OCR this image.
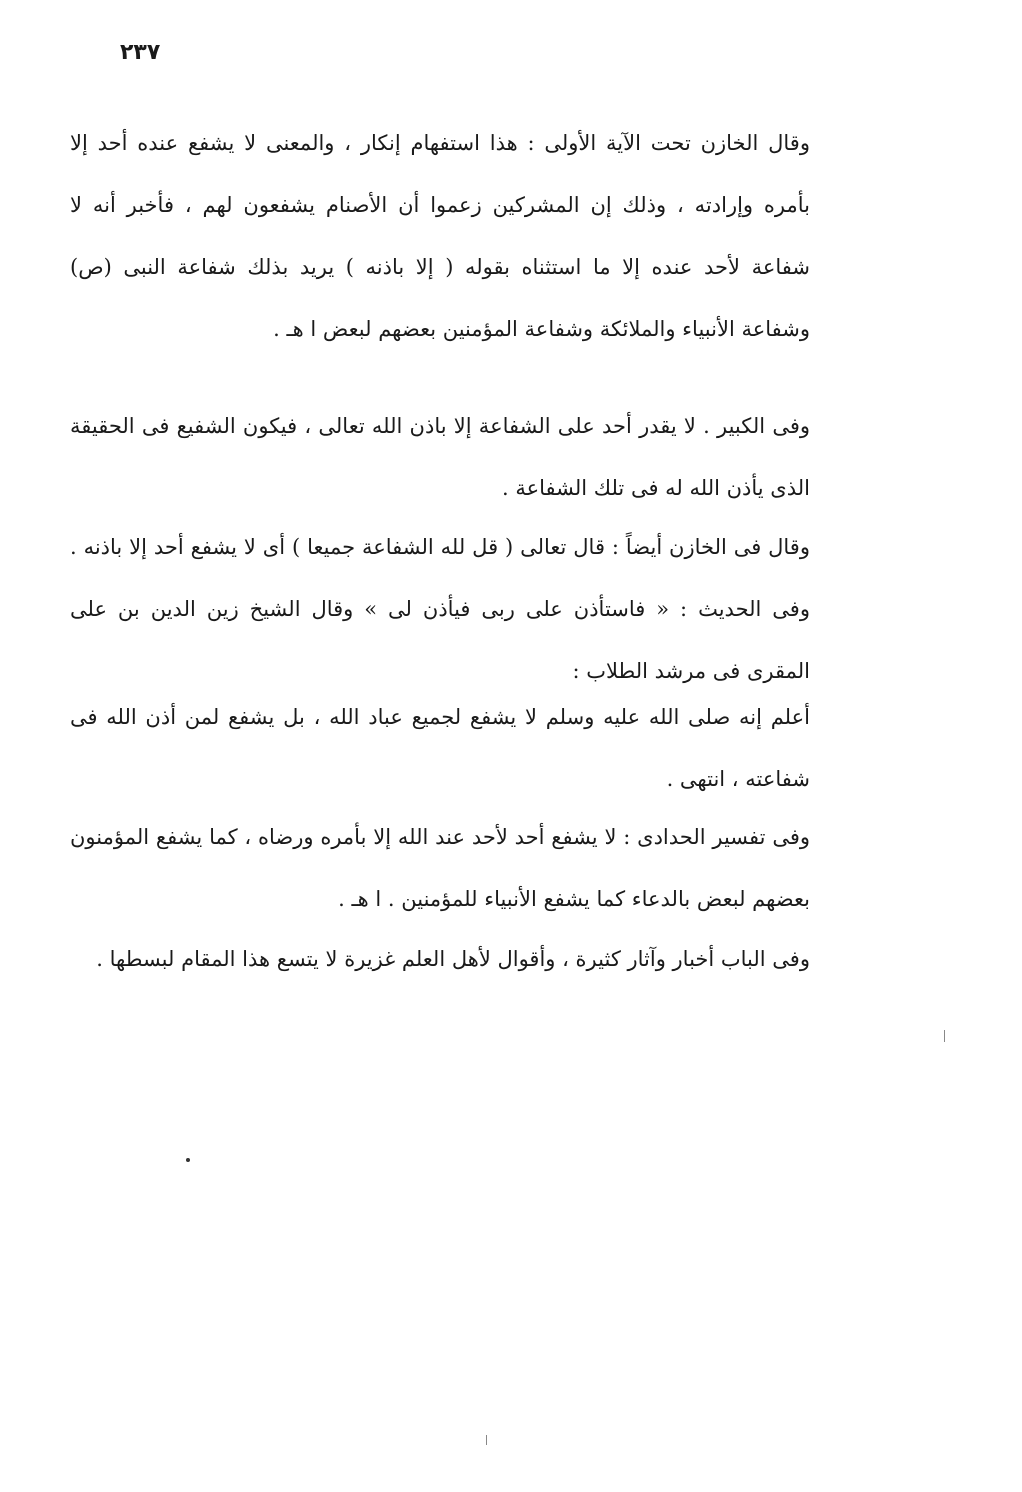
٢٣٧

وقال الخازن تحت الآية الأولى : هذا استفهام إنكار ، والمعنى لا يشفع عنده أحد إلا بأمره وإرادته ، وذلك إن المشركين زعموا أن الأصنام يشفعون لهم ، فأخبر أنه لا شفاعة لأحد عنده إلا ما استثناه بقوله ( إلا باذنه ) يريد بذلك شفاعة النبى (ص) وشفاعة الأنبياء والملائكة وشفاعة المؤمنين بعضهم لبعض ا هـ .

وفى الكبير . لا يقدر أحد على الشفاعة إلا باذن الله تعالى ، فيكون الشفيع فى الحقيقة الذى يأذن الله له فى تلك الشفاعة .

وقال فى الخازن أيضاً : قال تعالى ( قل لله الشفاعة جميعا ) أى لا يشفع أحد إلا باذنه . وفى الحديث : « فاستأذن على ربى فيأذن لى » وقال الشيخ زين الدين بن على المقرى فى مرشد الطلاب :

أعلم إنه صلى الله عليه وسلم لا يشفع لجميع عباد الله ، بل يشفع لمن أذن الله فى شفاعته ، انتهى .

وفى تفسير الحدادى : لا يشفع أحد لأحد عند الله إلا بأمره ورضاه ، كما يشفع المؤمنون بعضهم لبعض بالدعاء كما يشفع الأنبياء للمؤمنين . ا هـ .

وفى الباب أخبار وآثار كثيرة ، وأقوال لأهل العلم غزيرة لا يتسع هذا المقام لبسطها .
